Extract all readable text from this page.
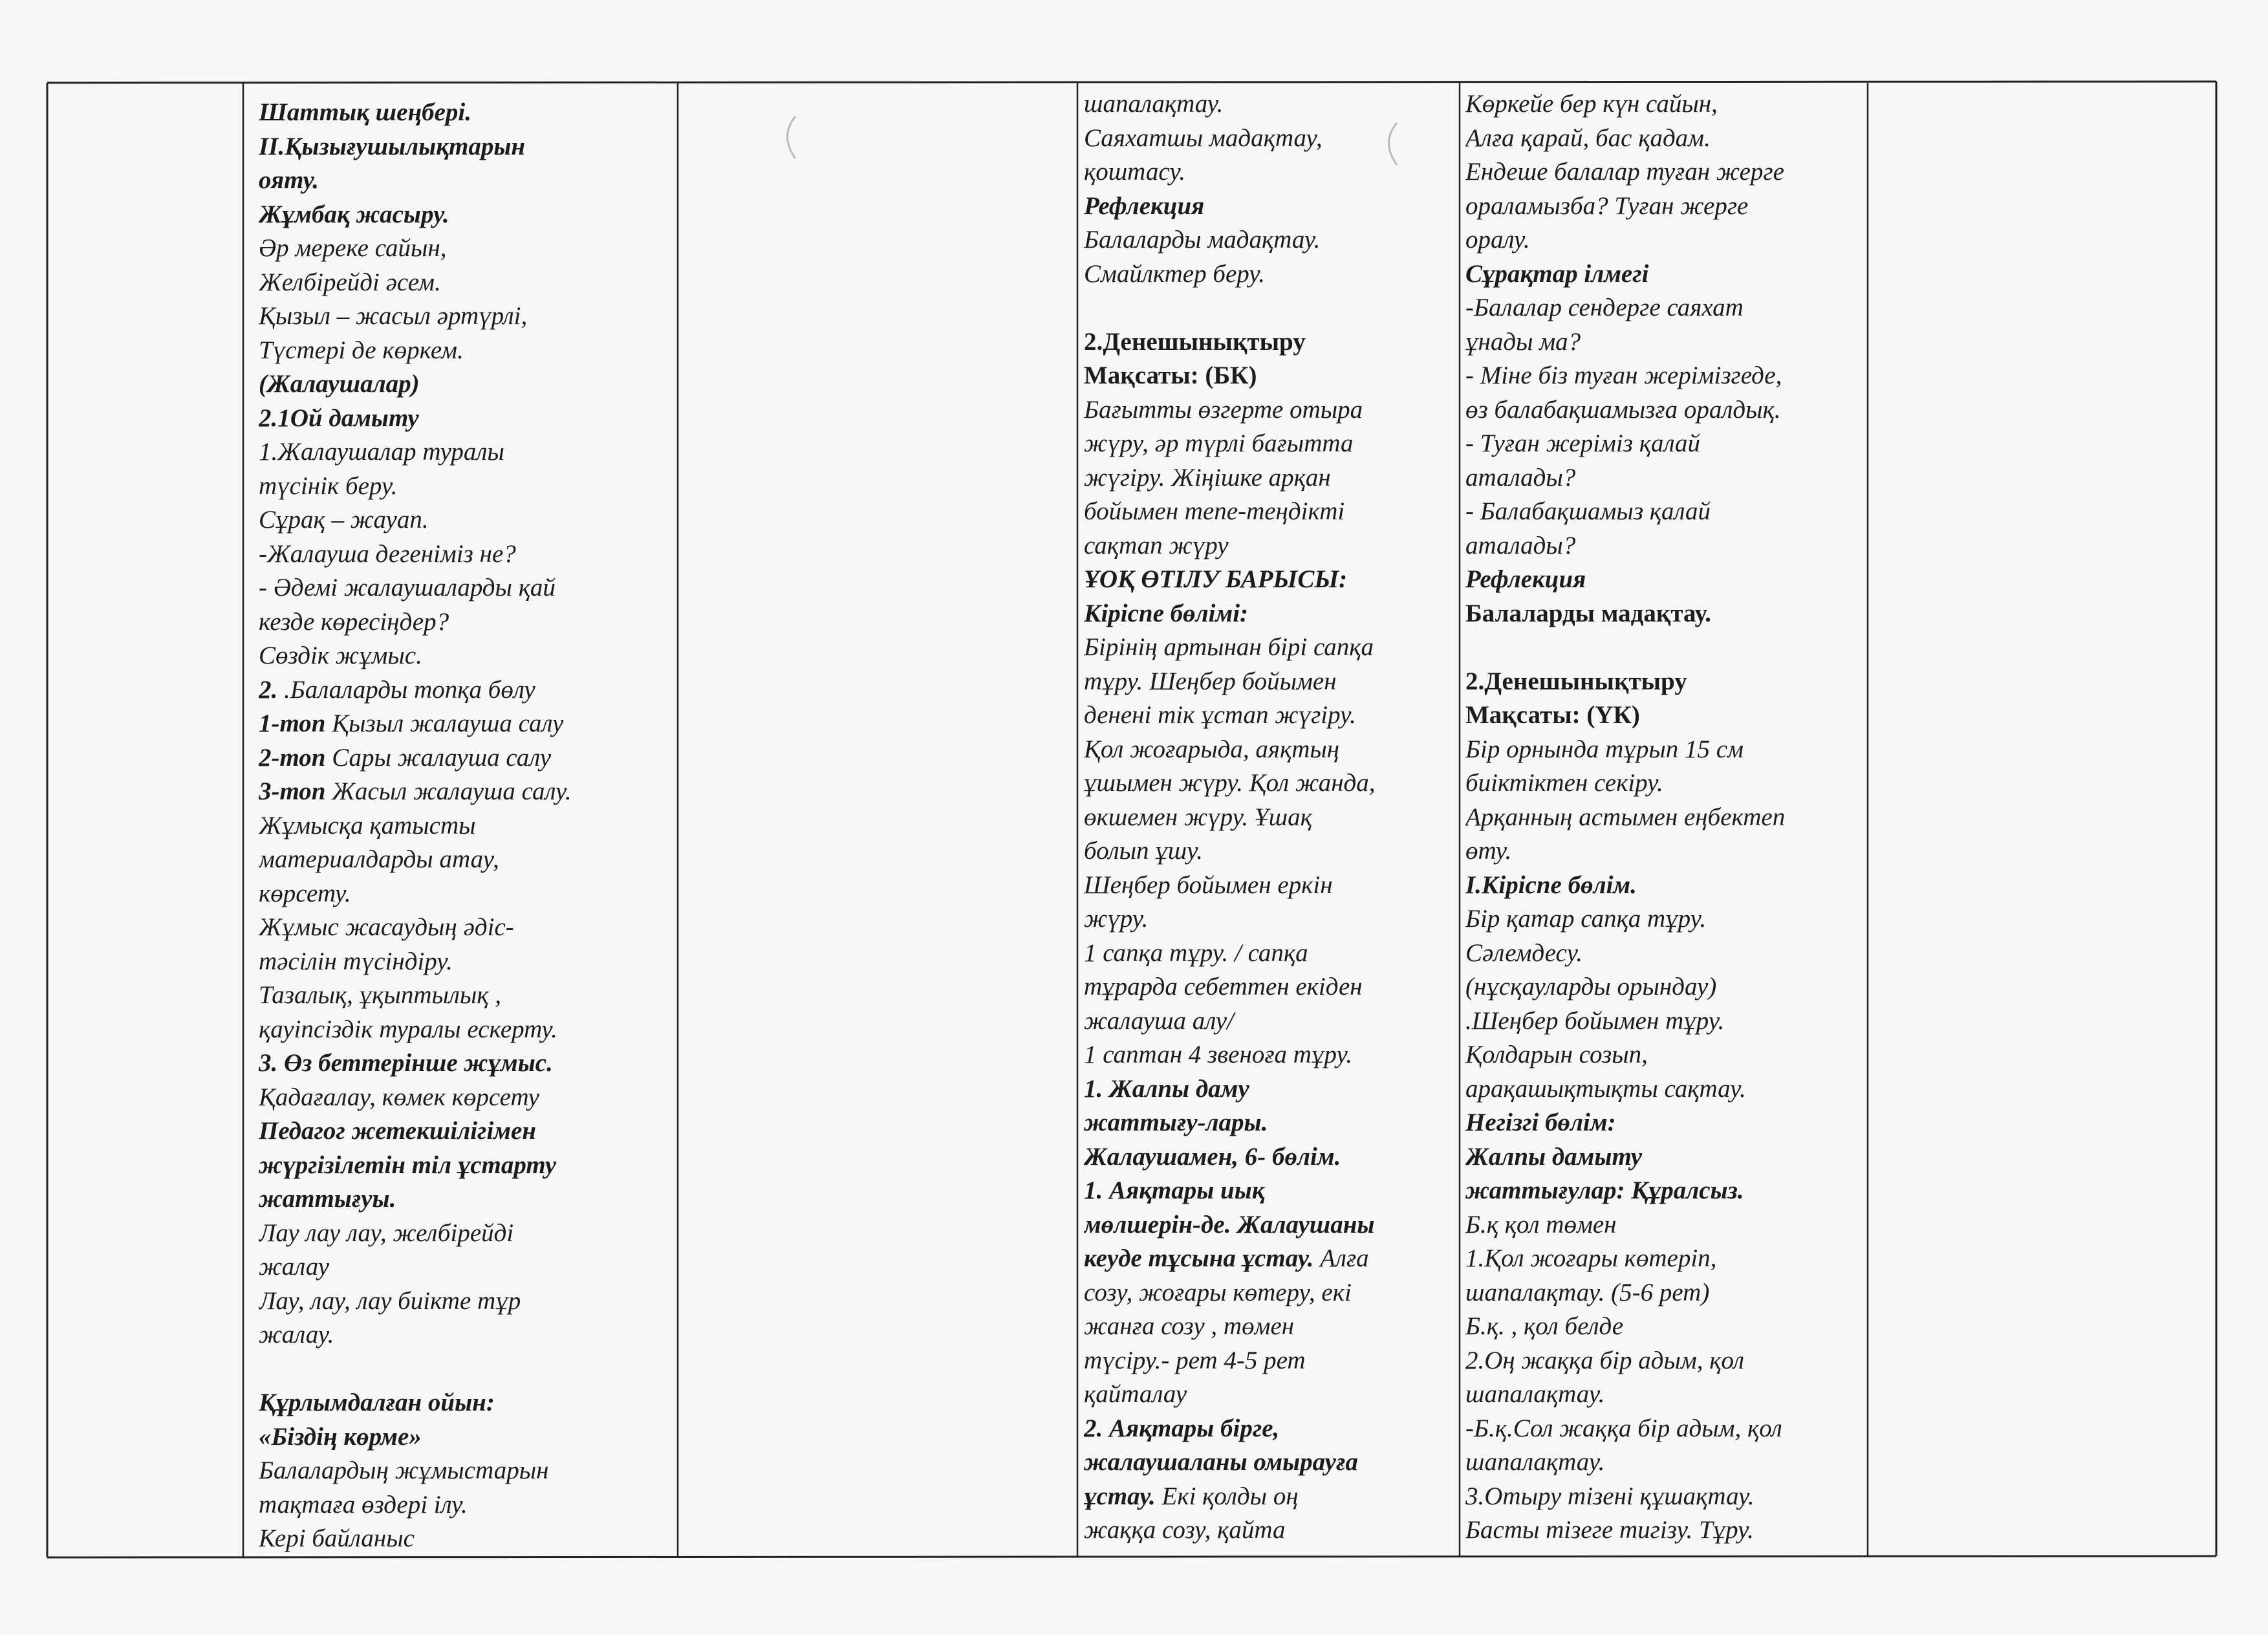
Шаттық шеңбері.
ІІ.Қызығушылықтарын
ояту.
Жұмбақ жасыру.
Әр мереке сайын,
Желбірейді әсем.
Қызыл – жасыл әртүрлі,
Түстері де көркем.
(Жалаушалар)
2.1Ой дамыту
1.Жалаушалар туралы
түсінік беру.
Сұрақ – жауап.
-Жалауша дегеніміз не?
- Әдемі жалаушаларды қай
кезде көресіңдер?
Сөздік жұмыс.
2. .Балаларды топқа бөлу
1-топ Қызыл жалауша салу
2-топ Сары жалауша салу
3-топ Жасыл жалауша салу.
Жұмысқа қатысты
материалдарды атау,
көрсету.
Жұмыс жасаудың әдіс-
тәсілін түсіндіру.
Тазалық, ұқыптылық ,
қауіпсіздік туралы ескерту.
3. Өз беттерінше жұмыс.
Қадағалау, көмек көрсету
Педагог жетекшілігімен
жүргізілетін тіл ұстарту
жаттығуы.
Лау лау лау, желбірейді
жалау
Лау, лау, лау биікте тұр
жалау.
Құрлымдалған ойын:
«Біздің көрме»
Балалардың жұмыстарын
тақтаға өздері ілу.
Кері байланыс
шапалақтау.
Саяхатшы мадақтау,
қоштасу.
Рефлекция
Балаларды мадақтау.
Смайлктер беру.
2.Денешынықтыру
Мақсаты: (БК)
Бағытты өзгерте отыра
жүру, әр түрлі бағытта
жүгіру. Жіңішке арқан
бойымен тепе-теңдікті
сақтап жүру
ҰОҚ ӨТІЛУ БАРЫСЫ:
Кіріспе бөлімі:
Бірінің артынан бірі сапқа
тұру. Шеңбер бойымен
денені тік ұстап жүгіру.
Қол жоғарыда, аяқтың
ұшымен жүру. Қол жанда,
өкшемен жүру. Ұшақ
болып ұшу.
Шеңбер бойымен еркін
жүру.
1 сапқа тұру. / сапқа
тұрарда себеттен екіден
жалауша алу/
1 саптан 4 звеноға тұру.
1. Жалпы даму
жаттығу-лары.
Жалаушамен, 6- бөлім.
1. Аяқтары иық
мөлшерін-де. Жалаушаны
кеуде тұсына ұстау. Алға
созу, жоғары көтеру, екі
жанға созу , төмен
түсіру.- рет 4-5 рет
қайталау
2. Аяқтары бірге,
жалаушаланы омырауға
ұстау. Екі қолды оң
жаққа созу, қайта
Көркейе бер күн сайын,
Алға қарай, бас қадам.
Ендеше балалар туған жерге
ораламызба? Туған жерге
оралу.
Сұрақтар ілмегі
-Балалар сендерге саяхат
ұнады ма?
- Міне біз туған жерімізгеде,
өз балабақшамызға оралдық.
- Туған жеріміз қалай
аталады?
- Балабақшамыз қалай
аталады?
Рефлекция
Балаларды мадақтау.
2.Денешынықтыру
Мақсаты: (ҮК)
Бір орнында тұрып 15 см
биіктіктен секіру.
Арқанның астымен еңбектеп
өту.
І.Кіріспе бөлім.
Бір қатар сапқа тұру.
Сәлемдесу.
(нұсқауларды орындау)
.Шеңбер бойымен тұру.
Қолдарын созып,
арақашықтықты сақтау.
Негізгі бөлім:
Жалпы дамыту
жаттығулар: Құралсыз.
Б.қ қол төмен
1.Қол жоғары көтеріп,
шапалақтау. (5-6 рет)
Б.қ. , қол белде
2.Оң жаққа бір адым, қол
шапалақтау.
-Б.қ.Сол жаққа бір адым, қол
шапалақтау.
3.Отыру тізені құшақтау.
Басты тізеге тигізу. Тұру.
